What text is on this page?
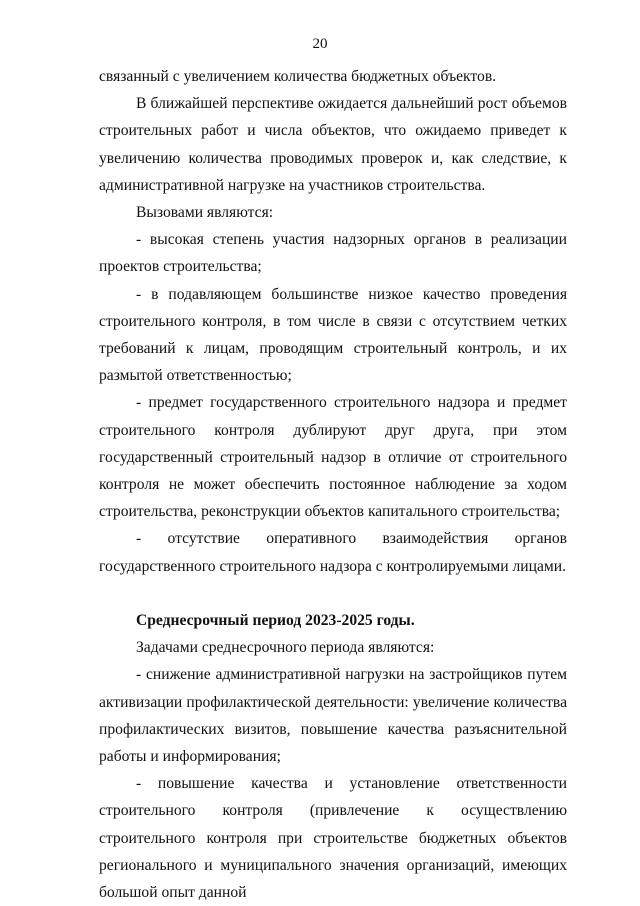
20

связанный с увеличением количества бюджетных объектов.

В ближайшей перспективе ожидается дальнейший рост объемов строительных работ и числа объектов, что ожидаемо приведет к увеличению количества проводимых проверок и, как следствие, к административной нагрузке на участников строительства.

Вызовами являются:

- высокая степень участия надзорных органов в реализации проектов строительства;

- в подавляющем большинстве низкое качество проведения строительного контроля, в том числе в связи с отсутствием четких требований к лицам, проводящим строительный контроль, и их размытой ответственностью;

- предмет государственного строительного надзора и предмет строительного контроля дублируют друг друга, при этом государственный строительный надзор в отличие от строительного контроля не может обеспечить постоянное наблюдение за ходом строительства, реконструкции объектов капитального строительства;

- отсутствие оперативного взаимодействия органов государственного строительного надзора с контролируемыми лицами.

Среднесрочный период 2023-2025 годы.

Задачами среднесрочного периода являются:

- снижение административной нагрузки на застройщиков путем активизации профилактической деятельности: увеличение количества профилактических визитов, повышение качества разъяснительной работы и информирования;

- повышение качества и установление ответственности строительного контроля (привлечение к осуществлению строительного контроля при строительстве бюджетных объектов регионального и муниципального значения организаций, имеющих большой опыт данной
